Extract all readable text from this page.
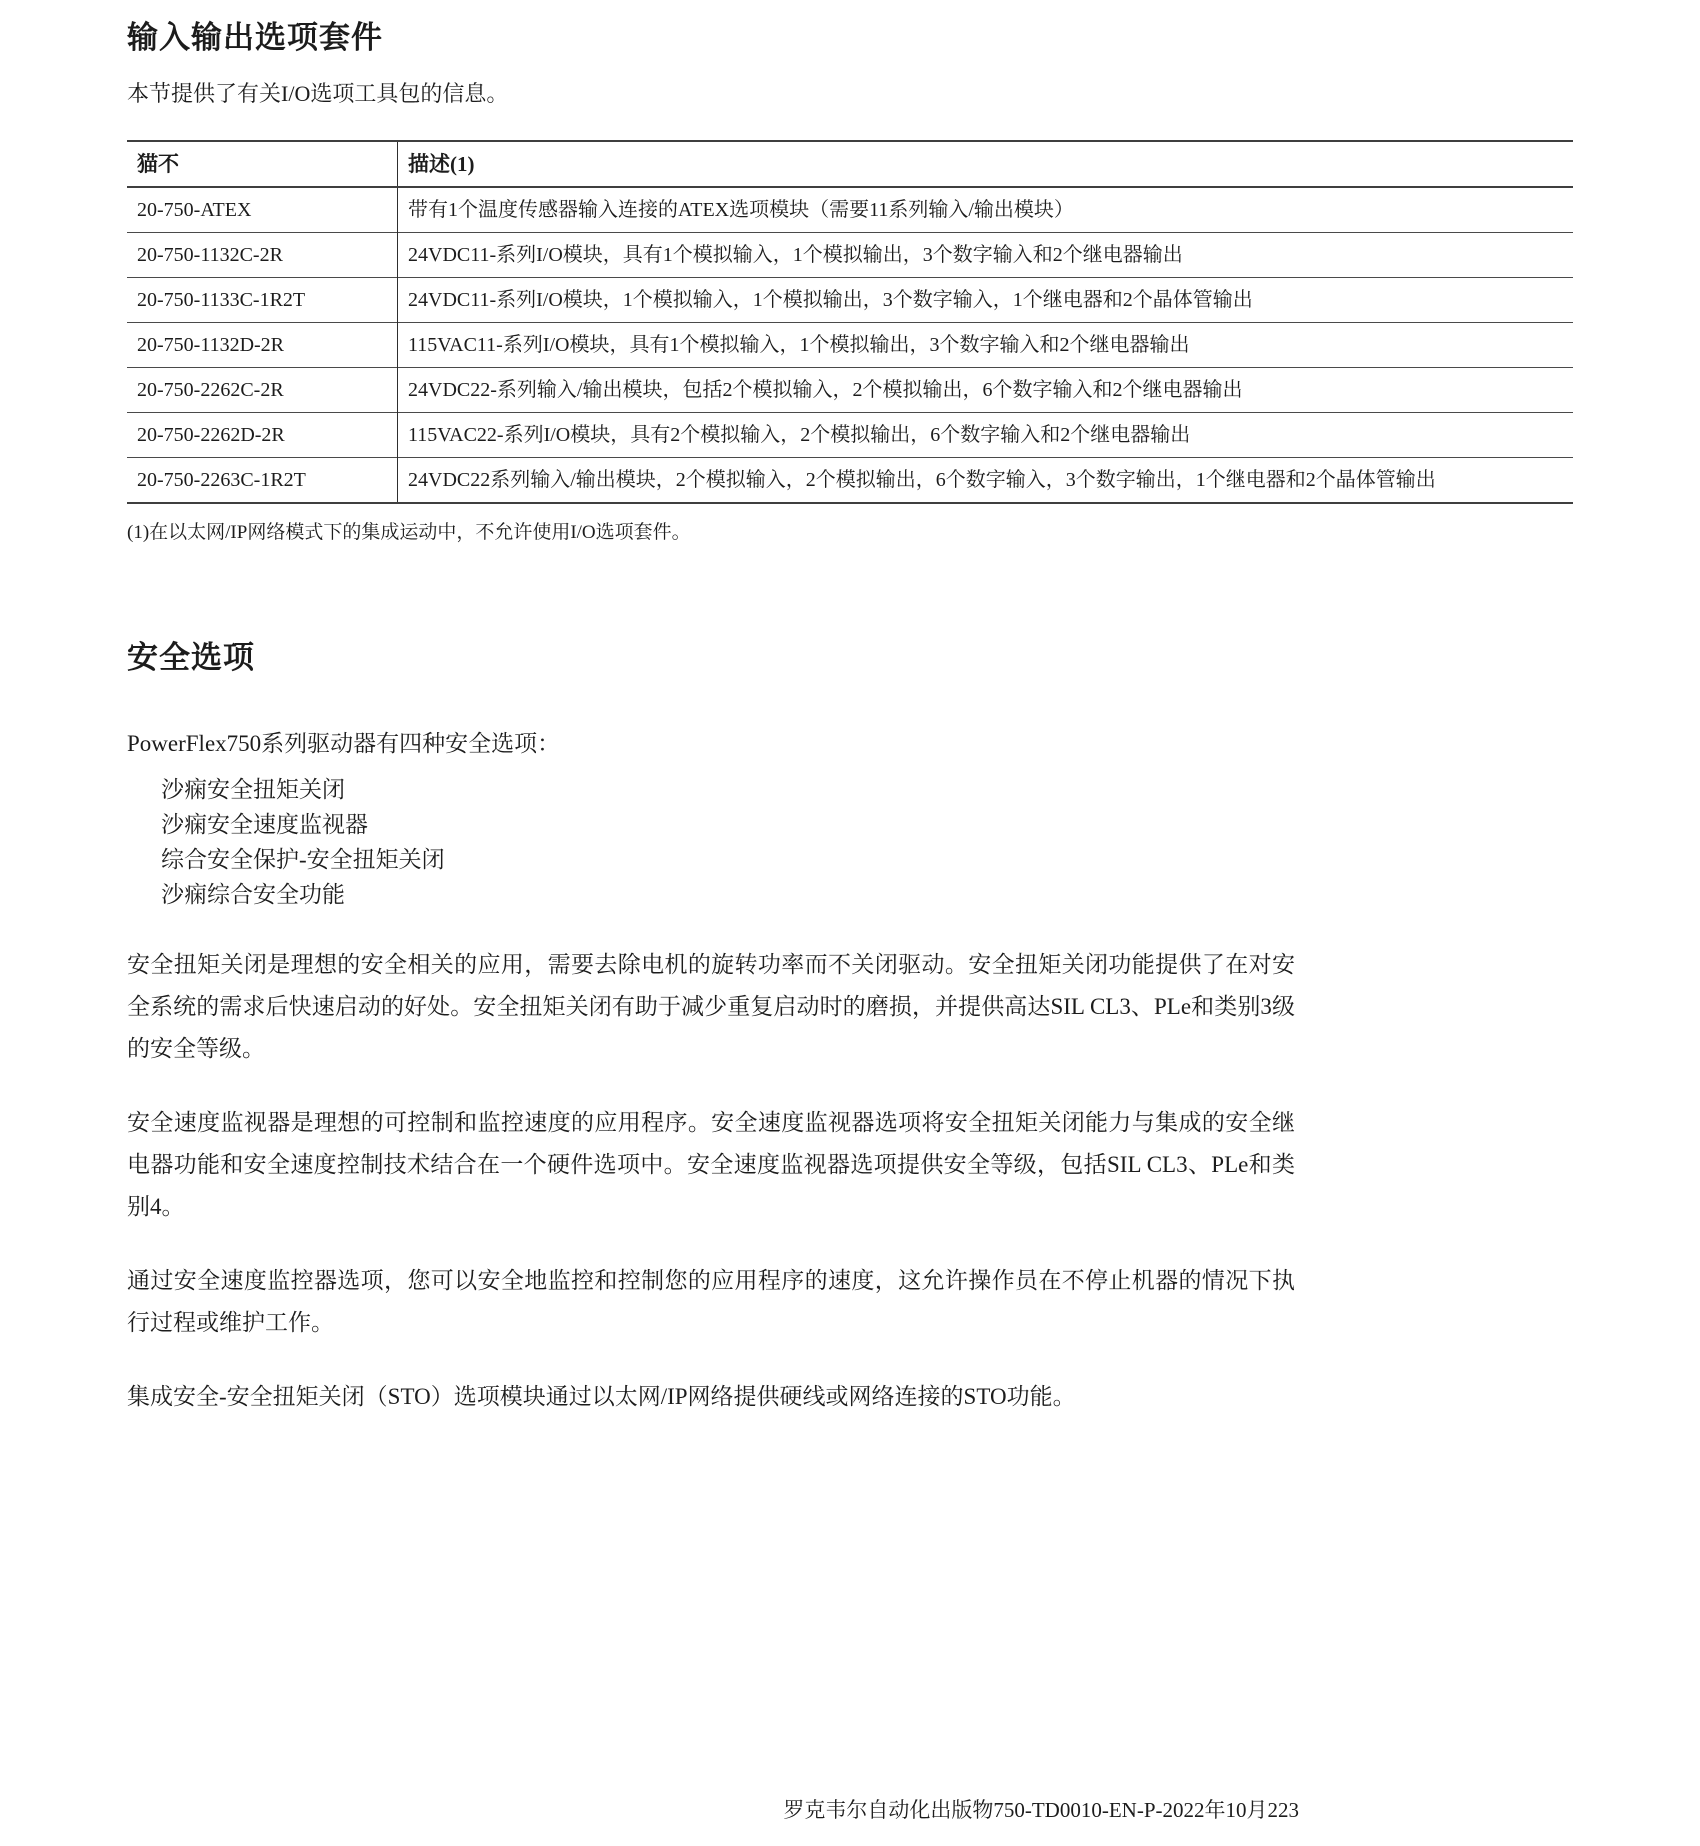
输入输出选项套件

本节提供了有关I/O选项工具包的信息。

猫不	描述(1)
20-750-ATEX	带有1个温度传感器输入连接的ATEX选项模块（需要11系列输入/输出模块）
20-750-1132C-2R	24VDC11-系列I/O模块，具有1个模拟输入，1个模拟输出，3个数字输入和2个继电器输出
20-750-1133C-1R2T	24VDC11-系列I/O模块，1个模拟输入，1个模拟输出，3个数字输入，1个继电器和2个晶体管输出
20-750-1132D-2R	115VAC11-系列I/O模块，具有1个模拟输入，1个模拟输出，3个数字输入和2个继电器输出
20-750-2262C-2R	24VDC22-系列输入/输出模块，包括2个模拟输入，2个模拟输出，6个数字输入和2个继电器输出
20-750-2262D-2R	115VAC22-系列I/O模块，具有2个模拟输入，2个模拟输出，6个数字输入和2个继电器输出
20-750-2263C-1R2T	24VDC22系列输入/输出模块，2个模拟输入，2个模拟输出，6个数字输入，3个数字输出，1个继电器和2个晶体管输出

(1)在以太网/IP网络模式下的集成运动中，不允许使用I/O选项套件。

安全选项

PowerFlex750系列驱动器有四种安全选项：

沙痫安全扭矩关闭
沙痫安全速度监视器
综合安全保护-安全扭矩关闭
沙痫综合安全功能

安全扭矩关闭是理想的安全相关的应用，需要去除电机的旋转功率而不关闭驱动。安全扭矩关闭功能提供了在对安全系统的需求后快速启动的好处。安全扭矩关闭有助于减少重复启动时的磨损，并提供高达SIL CL3、PLe和类别3级的安全等级。

安全速度监视器是理想的可控制和监控速度的应用程序。安全速度监视器选项将安全扭矩关闭能力与集成的安全继电器功能和安全速度控制技术结合在一个硬件选项中。安全速度监视器选项提供安全等级，包括SIL CL3、PLe和类别4。

通过安全速度监控器选项，您可以安全地监控和控制您的应用程序的速度，这允许操作员在不停止机器的情况下执行过程或维护工作。

集成安全-安全扭矩关闭（STO）选项模块通过以太网/IP网络提供硬线或网络连接的STO功能。

罗克韦尔自动化出版物750-TD0010-EN-P-2022年10月223
